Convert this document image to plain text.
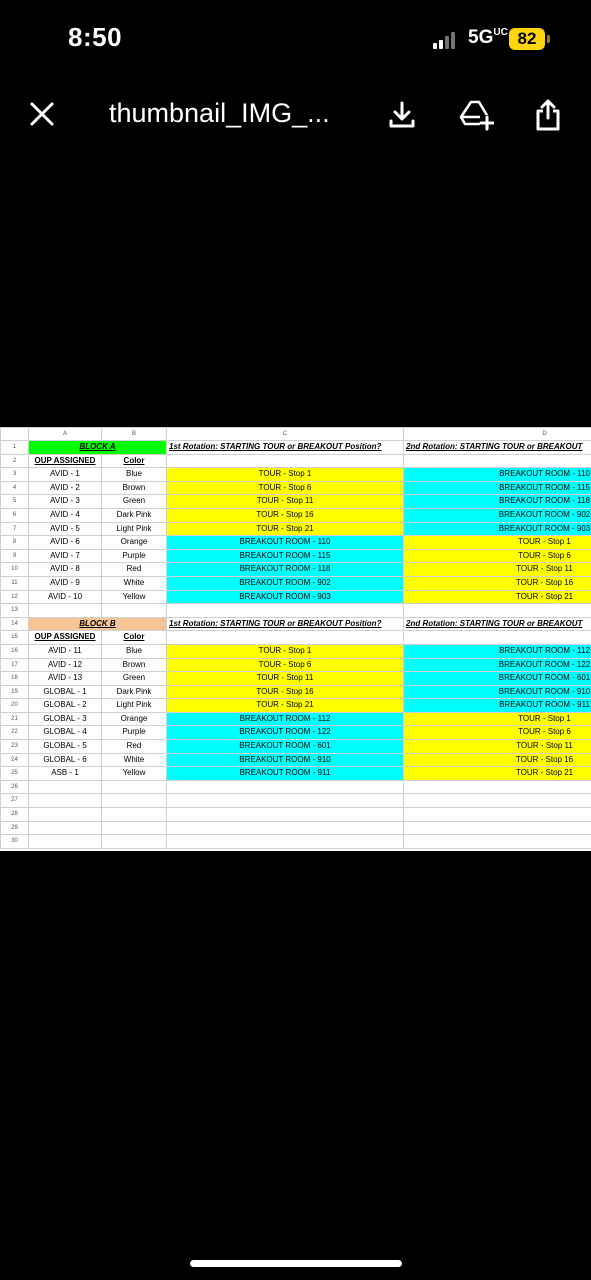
8:50	$5G^{UC}$ 82
thumbnail_IMG_...
	A	B	C	D
1	BLOCK A		1st Rotation: STARTING TOUR or BREAKOUT Position?	2nd Rotation: STARTING TOUR or BREAKOUT
2	OUP ASSIGNED	Color		
3	AVID - 1	Blue	TOUR - Stop 1	BREAKOUT ROOM - 110
4	AVID - 2	Brown	TOUR - Stop 6	BREAKOUT ROOM - 115
5	AVID - 3	Green	TOUR - Stop 11	BREAKOUT ROOM - 118
6	AVID - 4	Dark Pink	TOUR - Stop 16	BREAKOUT ROOM - 902
7	AVID - 5	Light Pink	TOUR - Stop 21	BREAKOUT ROOM - 903
8	AVID - 6	Orange	BREAKOUT ROOM - 110	TOUR - Stop 1
9	AVID - 7	Purple	BREAKOUT ROOM - 115	TOUR - Stop 6
10	AVID - 8	Red	BREAKOUT ROOM - 118	TOUR - Stop 11
11	AVID - 9	White	BREAKOUT ROOM - 902	TOUR - Stop 16
12	AVID - 10	Yellow	BREAKOUT ROOM - 903	TOUR - Stop 21
13				
14	BLOCK B		1st Rotation: STARTING TOUR or BREAKOUT Position?	2nd Rotation: STARTING TOUR or BREAKOUT
15	OUP ASSIGNED	Color		
16	AVID - 11	Blue	TOUR - Stop 1	BREAKOUT ROOM - 112
17	AVID - 12	Brown	TOUR - Stop 6	BREAKOUT ROOM - 122
18	AVID - 13	Green	TOUR - Stop 11	BREAKOUT ROOM - 601
19	GLOBAL - 1	Dark Pink	TOUR - Stop 16	BREAKOUT ROOM - 910
20	GLOBAL - 2	Light Pink	TOUR - Stop 21	BREAKOUT ROOM - 911
21	GLOBAL - 3	Orange	BREAKOUT ROOM - 112	TOUR - Stop 1
22	GLOBAL - 4	Purple	BREAKOUT ROOM - 122	TOUR - Stop 6
23	GLOBAL - 5	Red	BREAKOUT ROOM - 601	TOUR - Stop 11
24	GLOBAL - 6	White	BREAKOUT ROOM - 910	TOUR - Stop 16
25	ASB - 1	Yellow	BREAKOUT ROOM - 911	TOUR - Stop 21
26				
27				
28				
29				
30				
